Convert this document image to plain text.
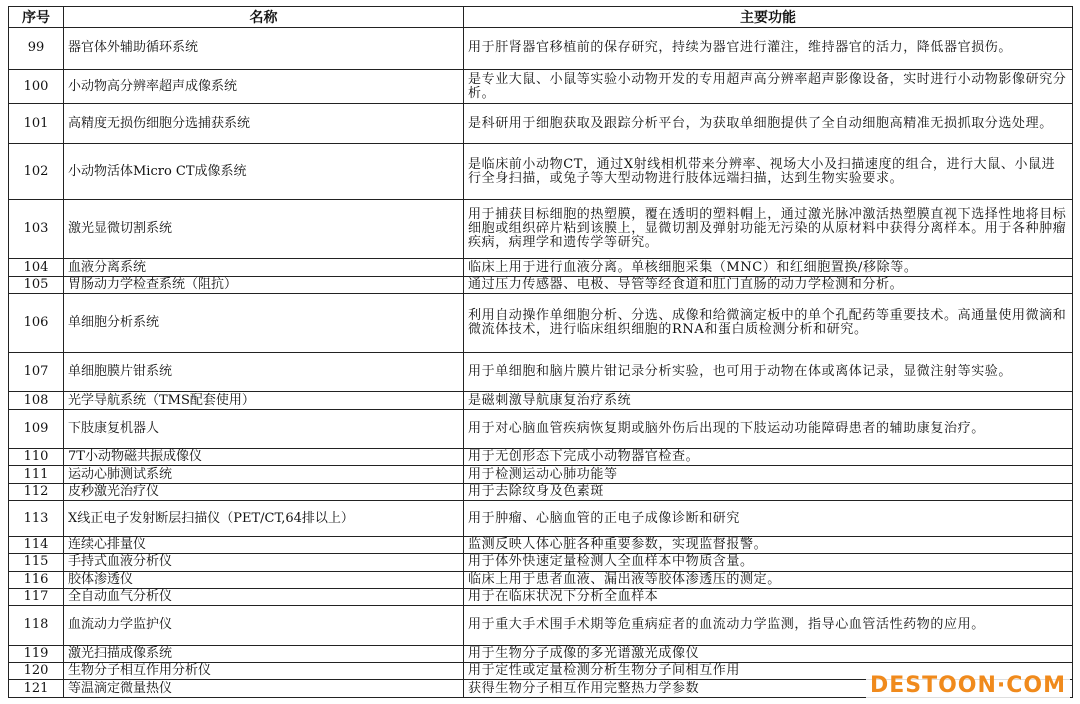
序号	名称	主要功能
99	器官体外辅助循环系统	用于肝肾器官移植前的保存研究，持续为器官进行灌注，维持器官的活力，降低器官损伤。
100	小动物高分辨率超声成像系统	是专业大鼠、小鼠等实验小动物开发的专用超声高分辨率超声影像设备，实时进行小动物影像研究分析。
101	高精度无损伤细胞分选捕获系统	是科研用于细胞获取及跟踪分析平台，为获取单细胞提供了全自动细胞高精准无损抓取分选处理。
102	小动物活体Micro CT成像系统	是临床前小动物CT，通过X射线相机带来分辨率、视场大小及扫描速度的组合，进行大鼠、小鼠进行全身扫描，或兔子等大型动物进行肢体远端扫描，达到生物实验要求。
103	激光显微切割系统	用于捕获目标细胞的热塑膜，覆在透明的塑料帽上，通过激光脉冲激活热塑膜直视下选择性地将目标细胞或组织碎片粘到该膜上，显微切割及弹射功能无污染的从原材料中获得分离样本。用于各种肿瘤疾病，病理学和遗传学等研究。
104	血液分离系统	临床上用于进行血液分离。单核细胞采集（MNC）和红细胞置换/移除等。
105	胃肠动力学检查系统（阻抗）	通过压力传感器、电极、导管等经食道和肛门直肠的动力学检测和分析。
106	单细胞分析系统	利用自动操作单细胞分析、分选、成像和给微滴定板中的单个孔配药等重要技术。高通量使用微滴和微流体技术，进行临床组织细胞的RNA和蛋白质检测分析和研究。
107	单细胞膜片钳系统	用于单细胞和脑片膜片钳记录分析实验，也可用于动物在体或离体记录，显微注射等实验。
108	光学导航系统（TMS配套使用）	是磁刺激导航康复治疗系统
109	下肢康复机器人	用于对心脑血管疾病恢复期或脑外伤后出现的下肢运动功能障碍患者的辅助康复治疗。
110	7T小动物磁共振成像仪	用于无创形态下完成小动物器官检查。
111	运动心肺测试系统	用于检测运动心肺功能等
112	皮秒激光治疗仪	用于去除纹身及色素斑
113	X线正电子发射断层扫描仪（PET/CT,64排以上）	用于肿瘤、心脑血管的正电子成像诊断和研究
114	连续心排量仪	监测反映人体心脏各种重要参数，实现监督报警。
115	手持式血液分析仪	用于体外快速定量检测人全血样本中物质含量。
116	胶体渗透仪	临床上用于患者血液、漏出液等胶体渗透压的测定。
117	全自动血气分析仪	用于在临床状况下分析全血样本
118	血流动力学监护仪	用于重大手术围手术期等危重病症者的血流动力学监测，指导心血管活性药物的应用。
119	激光扫描成像系统	用于生物分子成像的多光谱激光成像仪
120	生物分子相互作用分析仪	用于定性或定量检测分析生物分子间相互作用
121	等温滴定微量热仪	获得生物分子相互作用完整热力学参数	DESTOON·COM
